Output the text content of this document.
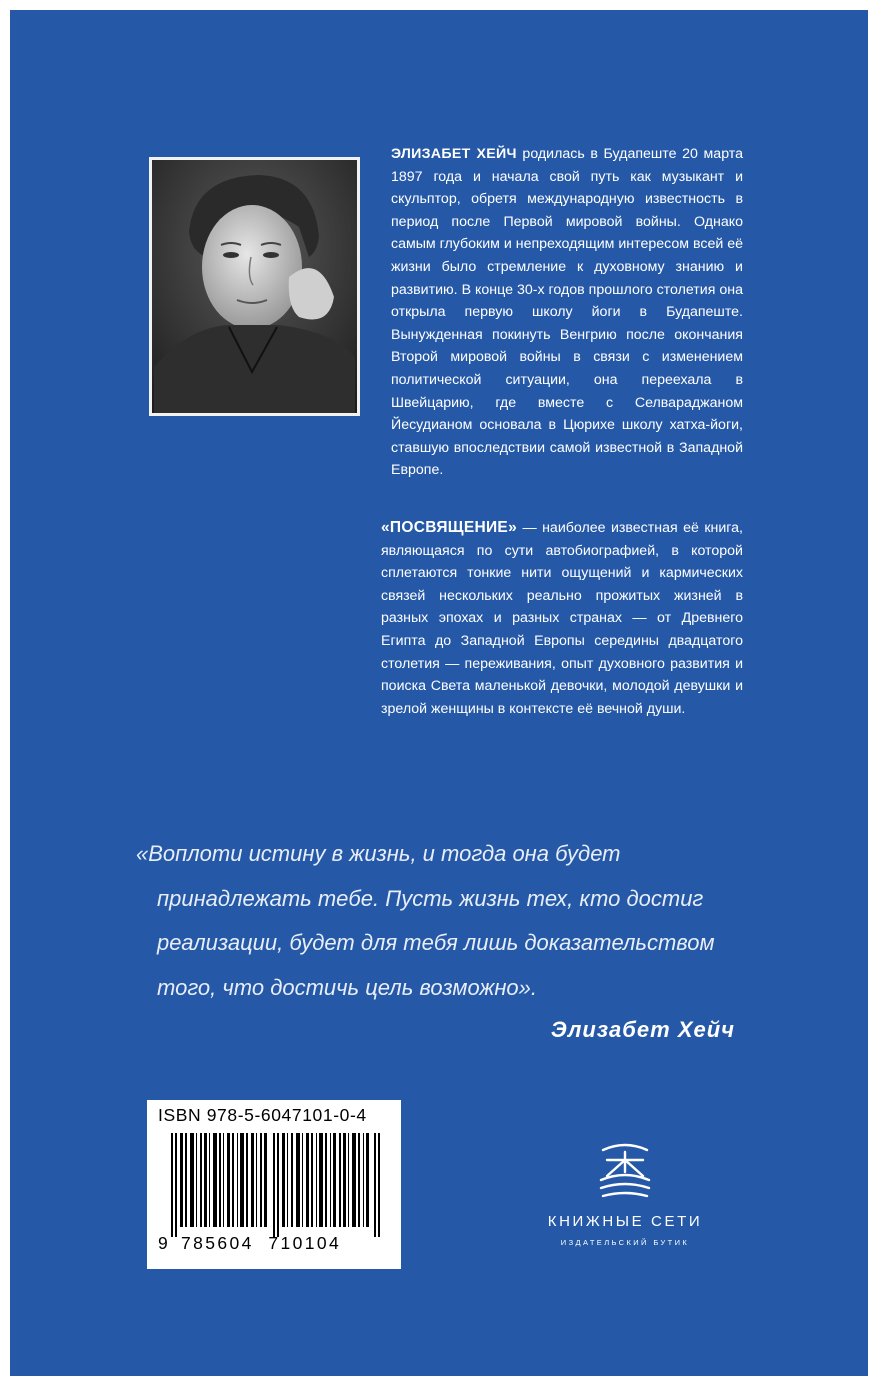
ЭЛИЗАБЕТ ХЕЙЧ родилась в Будапеште 20 марта 1897 года и начала свой путь как музыкант и скульптор, обретя международную известность в период после Первой мировой войны. Однако самым глубоким и непреходящим интересом всей её жизни было стремление к духовному знанию и развитию. В конце 30-х годов прошлого столетия она открыла первую школу йоги в Будапеште. Вынужденная покинуть Венгрию после окончания Второй мировой войны в связи с изменением политической ситуации, она переехала в Швейцарию, где вместе с Селвараджаном Йесудианом основала в Цюрихе школу хатха-йоги, ставшую впоследствии самой известной в Западной Европе.

«ПОСВЯЩЕНИЕ» — наиболее известная её книга, являющаяся по сути автобиографией, в которой сплетаются тонкие нити ощущений и кармических связей нескольких реально прожитых жизней в разных эпохах и разных странах — от Древнего Египта до Западной Европы середины двадцатого столетия — переживания, опыт духовного развития и поиска Света маленькой девочки, молодой девушки и зрелой женщины в контексте её вечной души.

«Воплоти истину в жизнь, и тогда она будет
принадлежать тебе. Пусть жизнь тех, кто достиг
реализации, будет для тебя лишь доказательством
того, что достичь цель возможно».
Элизабет Хейч
ISBN 978-5-6047101-0-4
9 785604  710104
КНИЖНЫЕ СЕТИ
ИЗДАТЕЛЬСКИЙ БУТИК
